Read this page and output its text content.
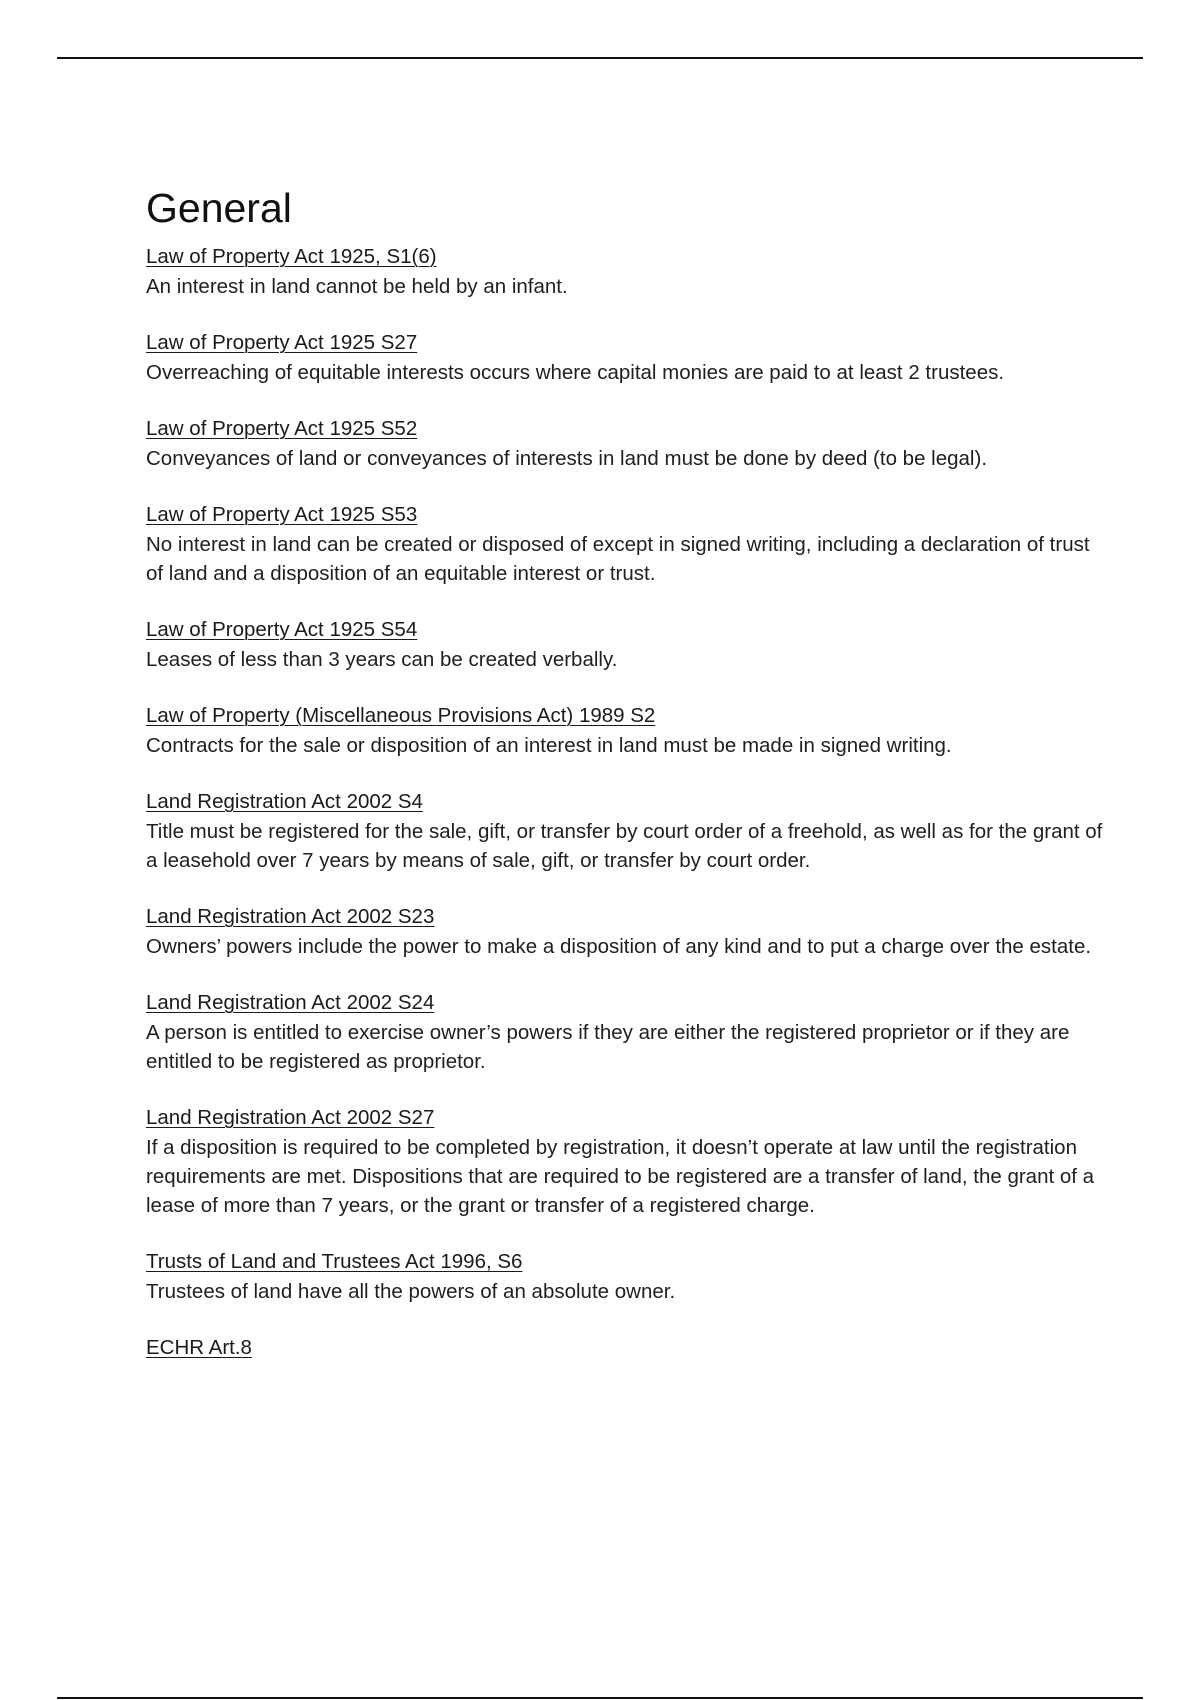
General
Law of Property Act 1925, S1(6)
An interest in land cannot be held by an infant.
Law of Property Act 1925 S27
Overreaching of equitable interests occurs where capital monies are paid to at least 2 trustees.
Law of Property Act 1925 S52
Conveyances of land or conveyances of interests in land must be done by deed (to be legal).
Law of Property Act 1925 S53
No interest in land can be created or disposed of except in signed writing, including a declaration of trust of land and a disposition of an equitable interest or trust.
Law of Property Act 1925 S54
Leases of less than 3 years can be created verbally.
Law of Property (Miscellaneous Provisions Act) 1989 S2
Contracts for the sale or disposition of an interest in land must be made in signed writing.
Land Registration Act 2002 S4
Title must be registered for the sale, gift, or transfer by court order of a freehold, as well as for the grant of a leasehold over 7 years by means of sale, gift, or transfer by court order.
Land Registration Act 2002 S23
Owners’ powers include the power to make a disposition of any kind and to put a charge over the estate.
Land Registration Act 2002 S24
A person is entitled to exercise owner’s powers if they are either the registered proprietor or if they are entitled to be registered as proprietor.
Land Registration Act 2002 S27
If a disposition is required to be completed by registration, it doesn’t operate at law until the registration requirements are met. Dispositions that are required to be registered are a transfer of land, the grant of a lease of more than 7 years, or the grant or transfer of a registered charge.
Trusts of Land and Trustees Act 1996, S6
Trustees of land have all the powers of an absolute owner.
ECHR Art.8
